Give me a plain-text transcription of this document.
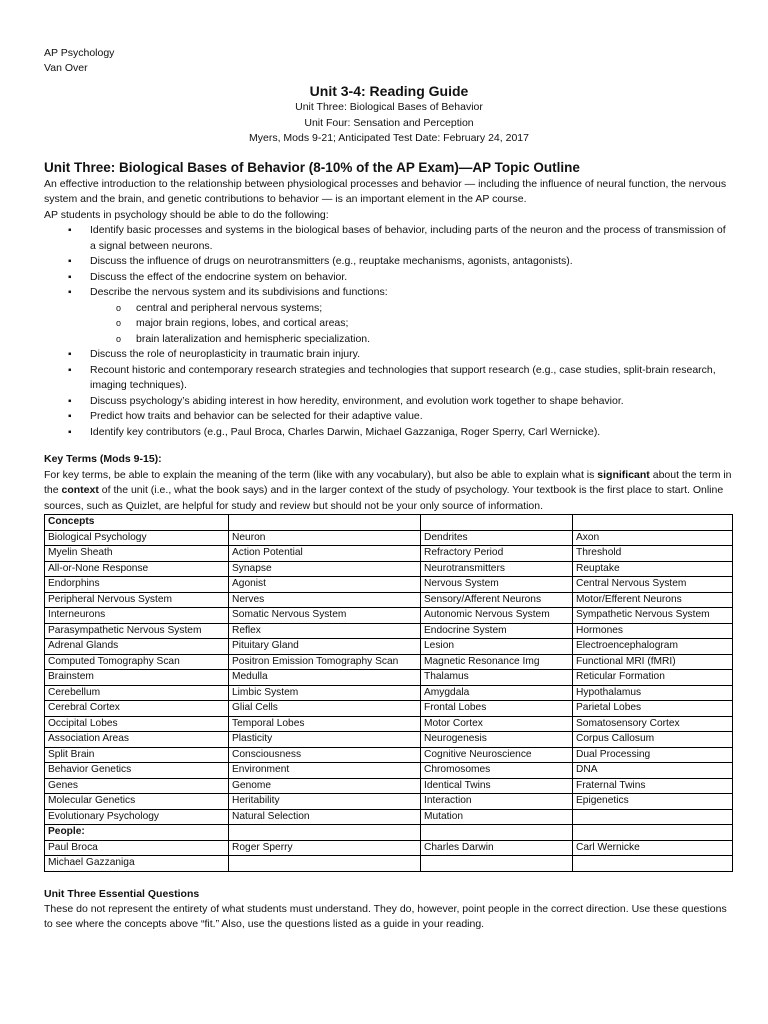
AP Psychology
Van Over
Unit 3-4: Reading Guide
Unit Three: Biological Bases of Behavior
Unit Four: Sensation and Perception
Myers, Mods 9-21; Anticipated Test Date: February 24, 2017
Unit Three: Biological Bases of Behavior (8-10% of the AP Exam)—AP Topic Outline
An effective introduction to the relationship between physiological processes and behavior — including the influence of neural function, the nervous system and the brain, and genetic contributions to behavior — is an important element in the AP course.
AP students in psychology should be able to do the following:
▪ Identify basic processes and systems in the biological bases of behavior, including parts of the neuron and the process of transmission of a signal between neurons.
▪ Discuss the influence of drugs on neurotransmitters (e.g., reuptake mechanisms, agonists, antagonists).
▪ Discuss the effect of the endocrine system on behavior.
▪ Describe the nervous system and its subdivisions and functions:
o central and peripheral nervous systems;
o major brain regions, lobes, and cortical areas;
o brain lateralization and hemispheric specialization.
▪ Discuss the role of neuroplasticity in traumatic brain injury.
▪ Recount historic and contemporary research strategies and technologies that support research (e.g., case studies, split-brain research, imaging techniques).
▪ Discuss psychology’s abiding interest in how heredity, environment, and evolution work together to shape behavior.
▪ Predict how traits and behavior can be selected for their adaptive value.
▪ Identify key contributors (e.g., Paul Broca, Charles Darwin, Michael Gazzaniga, Roger Sperry, Carl Wernicke).
Key Terms (Mods 9-15):
For key terms, be able to explain the meaning of the term (like with any vocabulary), but also be able to explain what is significant about the term in the context of the unit (i.e., what the book says) and in the larger context of the study of psychology. Your textbook is the first place to start. Online sources, such as Quizlet, are helpful for study and review but should not be your only source of information.
Concepts			
Biological Psychology	Neuron	Dendrites	Axon
Myelin Sheath	Action Potential	Refractory Period	Threshold
All-or-None Response	Synapse	Neurotransmitters	Reuptake
Endorphins	Agonist	Nervous System	Central Nervous System
Peripheral Nervous System	Nerves	Sensory/Afferent Neurons	Motor/Efferent Neurons
Interneurons	Somatic Nervous System	Autonomic Nervous System	Sympathetic Nervous System
Parasympathetic Nervous System	Reflex	Endocrine System	Hormones
Adrenal Glands	Pituitary Gland	Lesion	Electroencephalogram
Computed Tomography Scan	Positron Emission Tomography Scan	Magnetic Resonance Img	Functional MRI (fMRI)
Brainstem	Medulla	Thalamus	Reticular Formation
Cerebellum	Limbic System	Amygdala	Hypothalamus
Cerebral Cortex	Glial Cells	Frontal Lobes	Parietal Lobes
Occipital Lobes	Temporal Lobes	Motor Cortex	Somatosensory Cortex
Association Areas	Plasticity	Neurogenesis	Corpus Callosum
Split Brain	Consciousness	Cognitive Neuroscience	Dual Processing
Behavior Genetics	Environment	Chromosomes	DNA
Genes	Genome	Identical Twins	Fraternal Twins
Molecular Genetics	Heritability	Interaction	Epigenetics
Evolutionary Psychology	Natural Selection	Mutation	
People:			
Paul Broca	Roger Sperry	Charles Darwin	Carl Wernicke
Michael Gazzaniga			
Unit Three Essential Questions
These do not represent the entirety of what students must understand. They do, however, point people in the correct direction. Use these questions to see where the concepts above “fit.” Also, use the questions listed as a guide in your reading.
